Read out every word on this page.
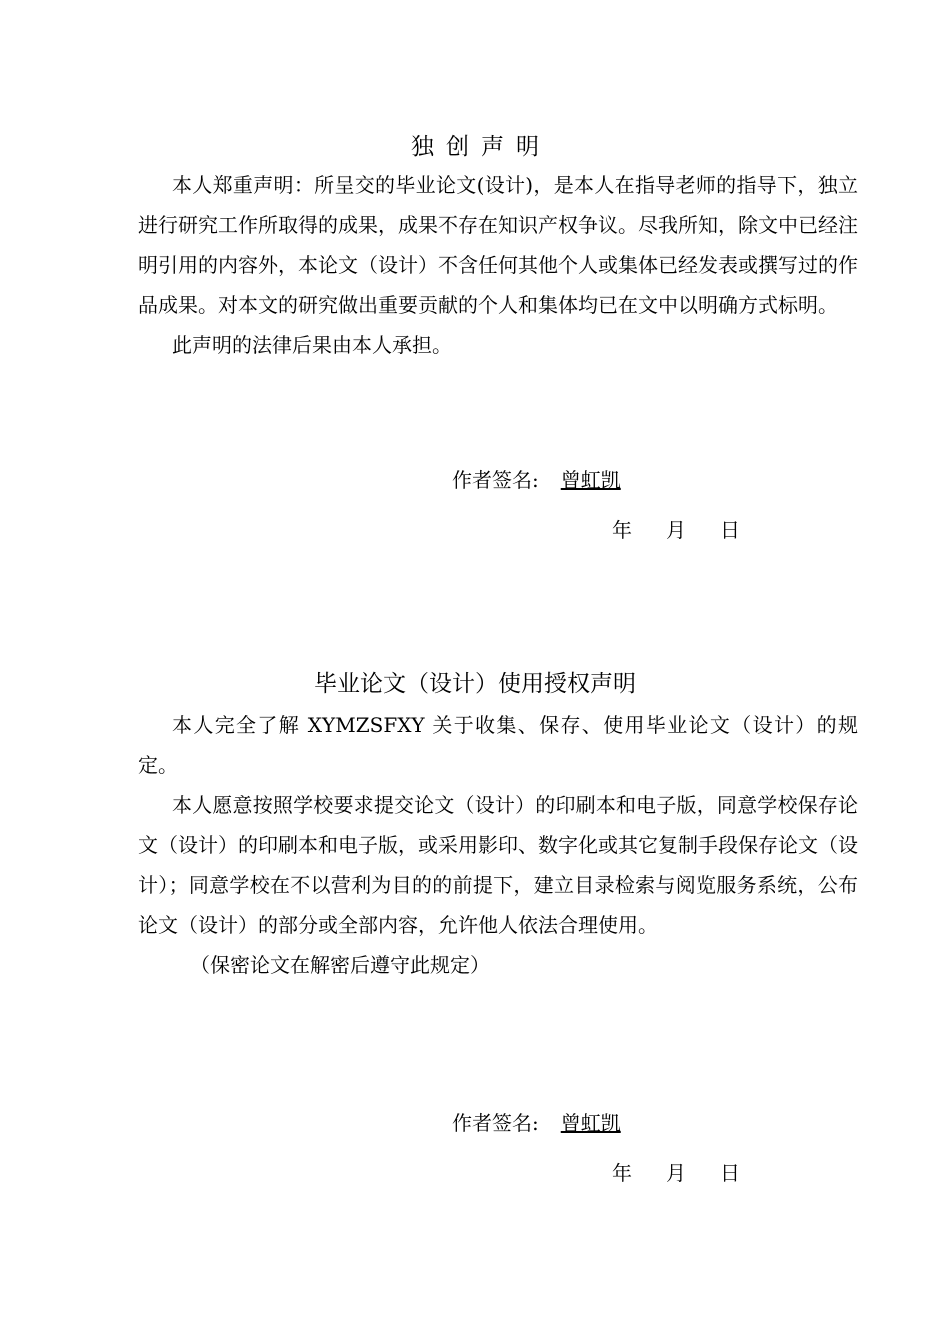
独创声明

本人郑重声明：所呈交的毕业论文(设计)，是本人在指导老师的指导下，独立进行研究工作所取得的成果，成果不存在知识产权争议。尽我所知，除文中已经注明引用的内容外，本论文（设计）不含任何其他个人或集体已经发表或撰写过的作品成果。对本文的研究做出重要贡献的个人和集体均已在文中以明确方式标明。

此声明的法律后果由本人承担。

作者签名: 曾虹凯
年 月 日
毕业论文（设计）使用授权声明

本人完全了解 XYMZSFXY 关于收集、保存、使用毕业论文（设计）的规定。

本人愿意按照学校要求提交论文（设计）的印刷本和电子版，同意学校保存论文（设计）的印刷本和电子版，或采用影印、数字化或其它复制手段保存论文（设计）；同意学校在不以营利为目的的前提下，建立目录检索与阅览服务系统，公布论文（设计）的部分或全部内容，允许他人依法合理使用。

（保密论文在解密后遵守此规定）

作者签名: 曾虹凯
年 月 日
